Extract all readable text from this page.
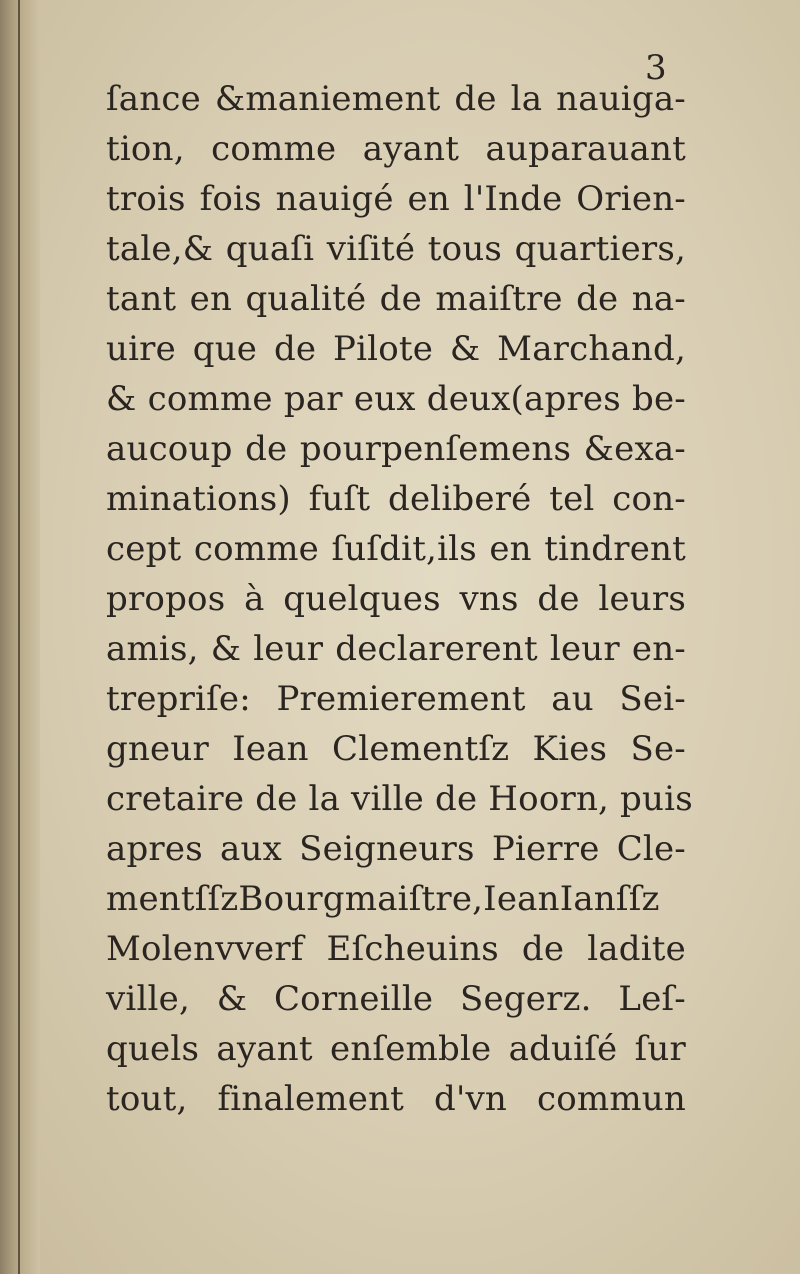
3
ſance &maniement de la nauiga-
tion, comme ayant auparauant
trois fois nauigé en l'Inde Orien-
tale,& quaſi viſité tous quartiers,
tant en qualité de maiſtre de na-
uire que de Pilote & Marchand,
& comme par eux deux(apres be-
aucoup de pourpenſemens &exa-
minations) fuſt deliberé tel con-
cept comme ſuſdit,ils en tindrent
propos à quelques vns de leurs
amis, & leur declarerent leur en-
trepriſe: Premierement au Sei-
gneur Iean Clementſz Kies Se-
cretaire de la ville de Hoorn, puis
apres aux Seigneurs Pierre Cle-
mentſſzBourgmaiſtre,IeanIanſſz
Molenvverf Eſcheuins de ladite
ville, & Corneille Segerz. Leſ-
quels ayant enſemble aduiſé ſur
tout, finalement d'vn commun
